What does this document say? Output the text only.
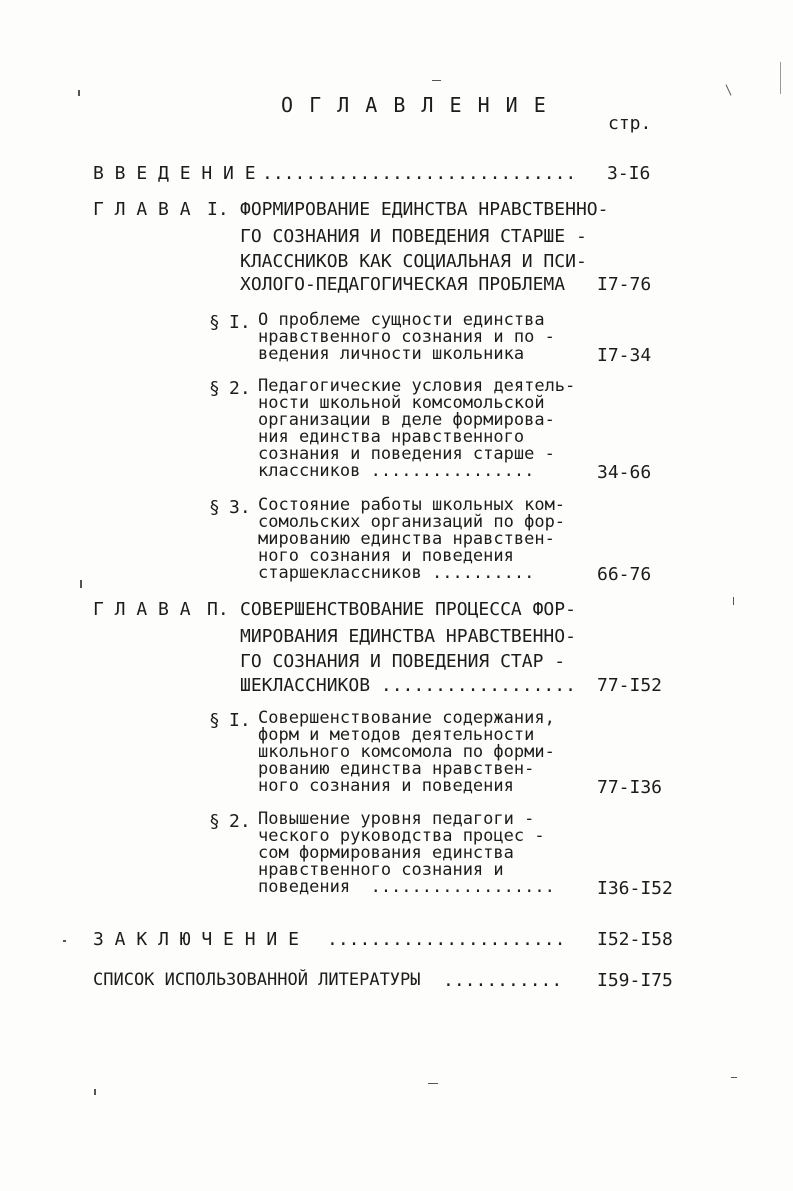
О Г Л А В Л Е Н И Е
стр.
В В Е Д Е Н И Е ............................. 3-I6
Г Л А В А I. ФОРМИРОВАНИЕ ЕДИНСТВА НРАВСТВЕННО-
ГО СОЗНАНИЯ И ПОВЕДЕНИЯ СТАРШЕ -
КЛАССНИКОВ КАК СОЦИАЛЬНАЯ И ПСИ-
ХОЛОГО-ПЕДАГОГИЧЕСКАЯ ПРОБЛЕМА I7-76
§ I. О проблеме сущности единства
нравственного сознания и по -
ведения личности школьника	I7-34
§ 2. Педагогические условия деятель-
ности школьной комсомольской
организации в деле формирова-
ния единства нравственного
сознания и поведения старше -
классников ................	34-66
§ 3. Состояние работы школьных ком-
сомольских организаций по фор-
мированию единства нравствен-
ного сознания и поведения
старшеклассников ..........	66-76
Г Л А В А П. СОВЕРШЕНСТВОВАНИЕ ПРОЦЕССА ФОР-
МИРОВАНИЯ ЕДИНСТВА НРАВСТВЕННО-
ГО СОЗНАНИЯ И ПОВЕДЕНИЯ СТАР -
ШЕКЛАССНИКОВ .................. 77-I52
§ I. Совершенствование содержания,
форм и методов деятельности
школьного комсомола по форми-
рованию единства нравствен-
ного сознания и поведения	77-I36
§ 2. Повышение уровня педагоги -
ческого руководства процес -
сом формирования единства
нравственного сознания и
поведения  .................. I36-I52
З А К Л Ю Ч Е Н И Е ...................... I52-I58
СПИСОК ИСПОЛЬЗОВАННОЙ ЛИТЕРАТУРЫ ........... I59-I75
